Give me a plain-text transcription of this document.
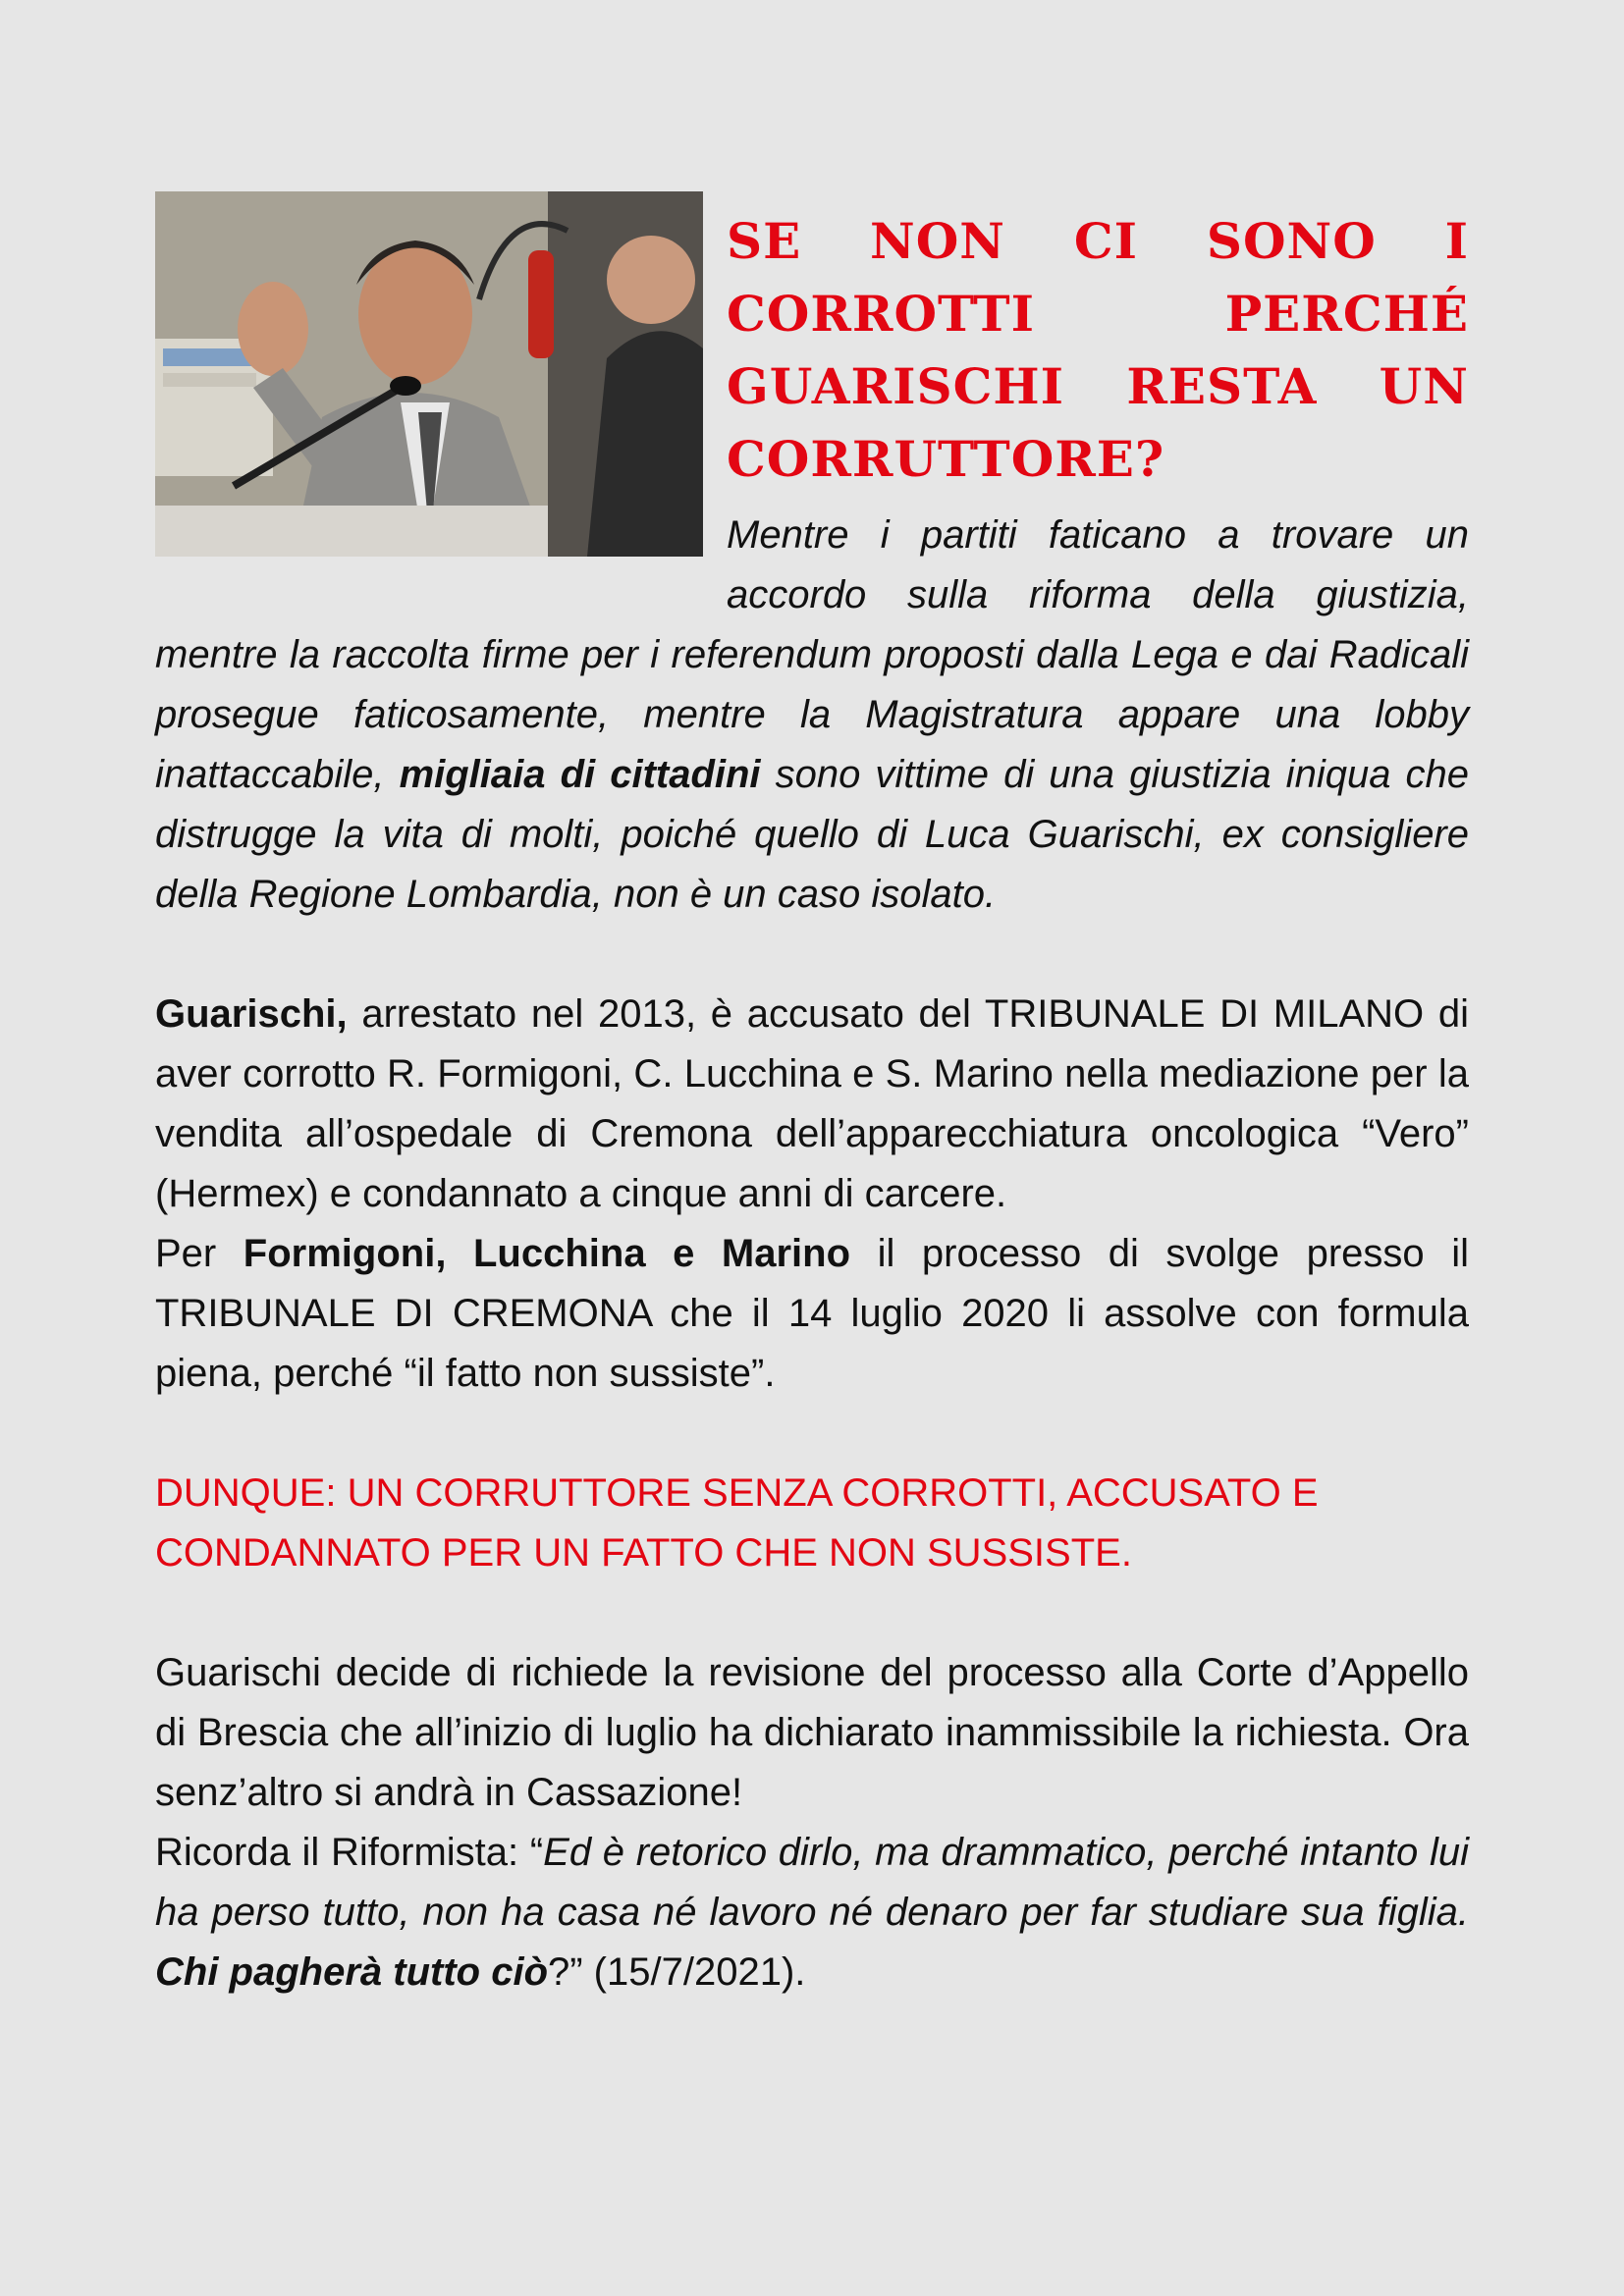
SE NON CI SONO I CORROTTI PERCHÉ GUARISCHI RESTA UN CORRUTTORE?

Mentre i partiti faticano a trovare un accordo sulla riforma della giustizia, mentre la raccolta firme per i referendum proposti dalla Lega e dai Radicali prosegue faticosamente, mentre la Magistratura appare una lobby inattaccabile, migliaia di cittadini sono vittime di una giustizia iniqua che distrugge la vita di molti, poiché quello di Luca Guarischi, ex consigliere della Regione Lombardia, non è un caso isolato.

Guarischi, arrestato nel 2013, è accusato del TRIBUNALE DI MILANO di aver corrotto R. Formigoni, C. Lucchina e S. Marino nella mediazione per la vendita all’ospedale di Cremona dell’apparecchiatura oncologica “Vero” (Hermex) e condannato a cinque anni di carcere.

Per Formigoni, Lucchina e Marino il processo di svolge presso il TRIBUNALE DI CREMONA che il 14 luglio 2020 li assolve con formula piena, perché “il fatto non sussiste”.

DUNQUE: UN CORRUTTORE SENZA CORROTTI, ACCUSATO E CONDANNATO PER UN FATTO CHE NON SUSSISTE.

Guarischi decide di richiede la revisione del processo alla Corte d’Appello di Brescia che all’inizio di luglio ha dichiarato inammissibile la richiesta. Ora senz’altro si andrà in Cassazione!

Ricorda il Riformista: “Ed è retorico dirlo, ma drammatico, perché intanto lui ha perso tutto, non ha casa né lavoro né denaro per far studiare sua figlia. Chi pagherà tutto ciò?” (15/7/2021).
